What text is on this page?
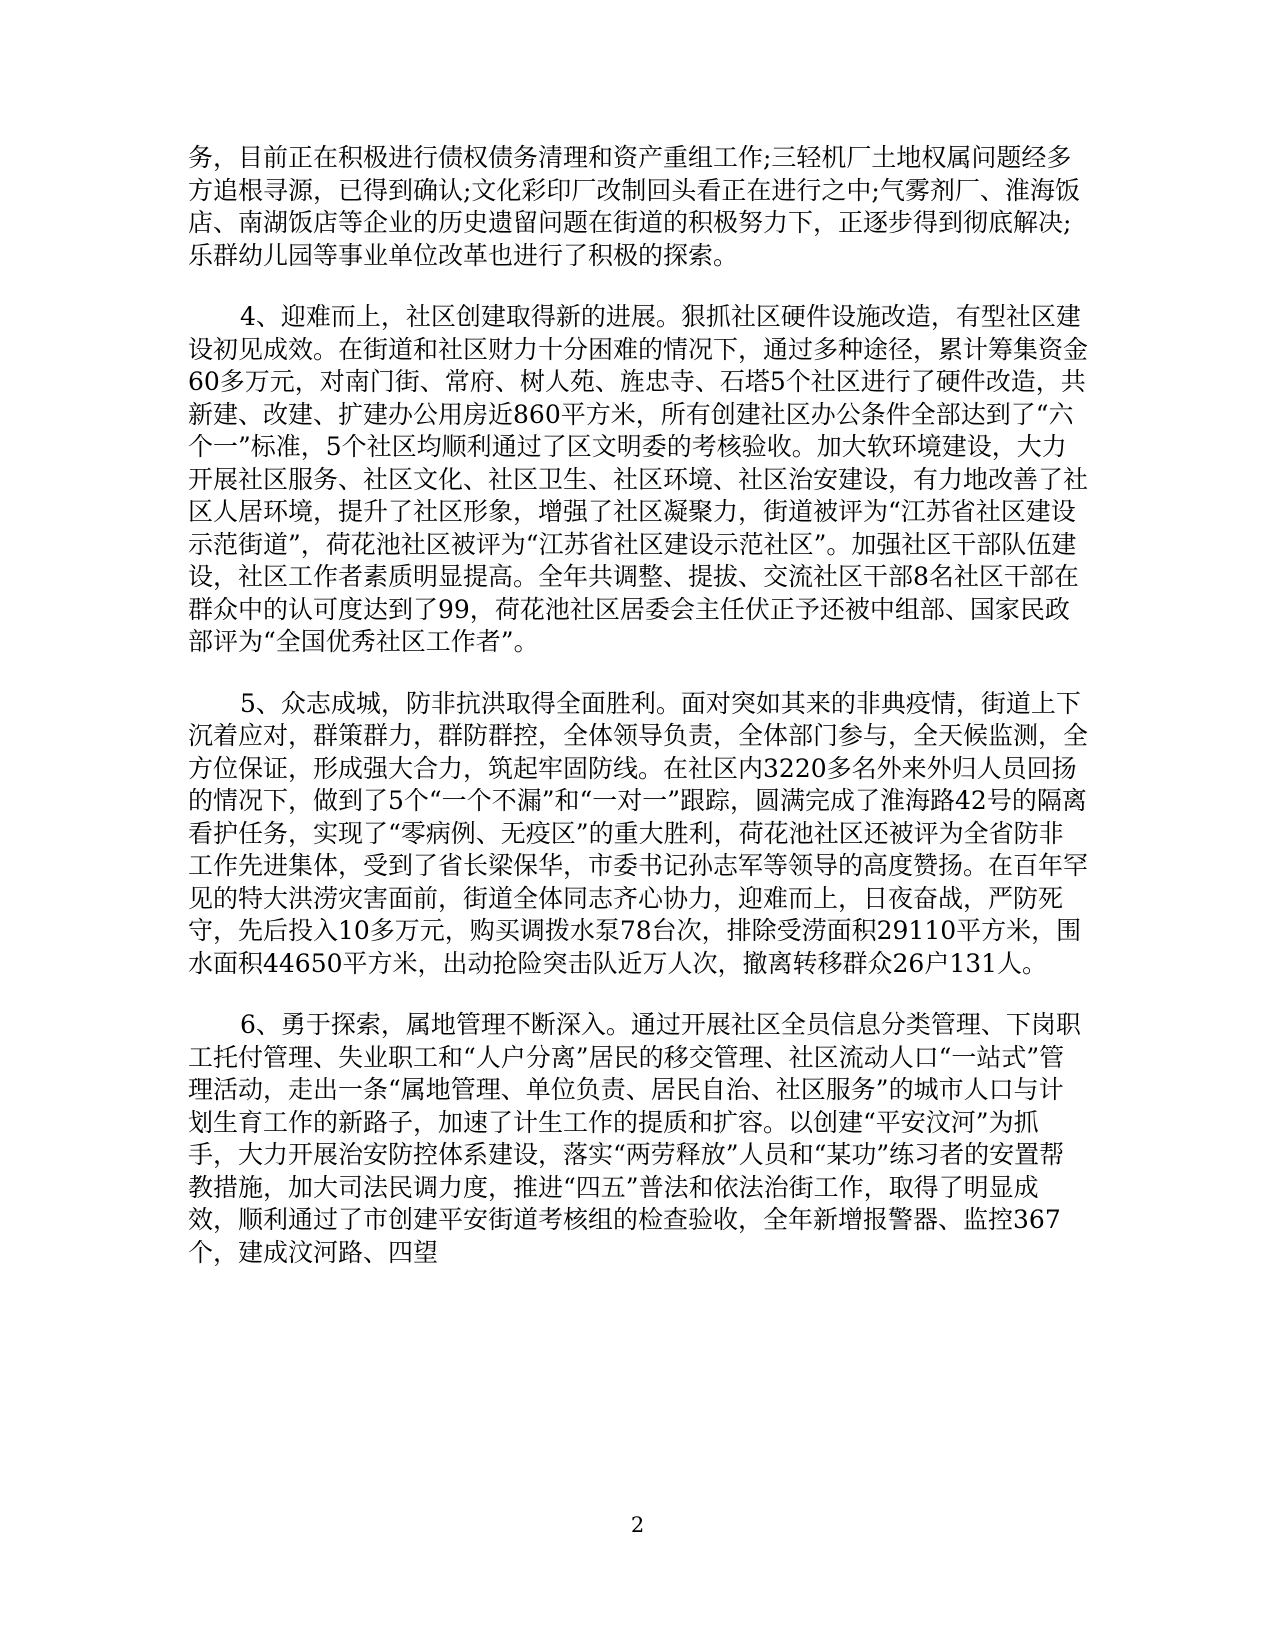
务，目前正在积极进行债权债务清理和资产重组工作;三轻机厂土地权属问题经多方追根寻源，已得到确认;文化彩印厂改制回头看正在进行之中;气雾剂厂、淮海饭店、南湖饭店等企业的历史遗留问题在街道的积极努力下，正逐步得到彻底解决;乐群幼儿园等事业单位改革也进行了积极的探索。

4、迎难而上，社区创建取得新的进展。狠抓社区硬件设施改造，有型社区建设初见成效。在街道和社区财力十分困难的情况下，通过多种途径，累计筹集资金60多万元，对南门街、常府、树人苑、旌忠寺、石塔5个社区进行了硬件改造，共新建、改建、扩建办公用房近860平方米，所有创建社区办公条件全部达到了“六个一”标准，5个社区均顺利通过了区文明委的考核验收。加大软环境建设，大力开展社区服务、社区文化、社区卫生、社区环境、社区治安建设，有力地改善了社区人居环境，提升了社区形象，增强了社区凝聚力，街道被评为“江苏省社区建设示范街道”，荷花池社区被评为“江苏省社区建设示范社区”。加强社区干部队伍建设，社区工作者素质明显提高。全年共调整、提拔、交流社区干部8名社区干部在群众中的认可度达到了99，荷花池社区居委会主任伏正予还被中组部、国家民政部评为“全国优秀社区工作者”。

5、众志成城，防非抗洪取得全面胜利。面对突如其来的非典疫情，街道上下沉着应对，群策群力，群防群控，全体领导负责，全体部门参与，全天候监测，全方位保证，形成强大合力，筑起牢固防线。在社区内3220多名外来外归人员回扬的情况下，做到了5个“一个不漏”和“一对一”跟踪，圆满完成了淮海路42号的隔离看护任务，实现了“零病例、无疫区”的重大胜利，荷花池社区还被评为全省防非工作先进集体，受到了省长梁保华，市委书记孙志军等领导的高度赞扬。在百年罕见的特大洪涝灾害面前，街道全体同志齐心协力，迎难而上，日夜奋战，严防死守，先后投入10多万元，购买调拨水泵78台次，排除受涝面积29110平方米，围水面积44650平方米，出动抢险突击队近万人次，撤离转移群众26户131人。

6、勇于探索，属地管理不断深入。通过开展社区全员信息分类管理、下岗职工托付管理、失业职工和“人户分离”居民的移交管理、社区流动人口“一站式”管理活动，走出一条“属地管理、单位负责、居民自治、社区服务”的城市人口与计划生育工作的新路子，加速了计生工作的提质和扩容。以创建“平安汶河”为抓手，大力开展治安防控体系建设，落实“两劳释放”人员和“某功”练习者的安置帮教措施，加大司法民调力度，推进“四五”普法和依法治街工作，取得了明显成效，顺利通过了市创建平安街道考核组的检查验收，全年新增报警器、监控367个，建成汶河路、四望

2
